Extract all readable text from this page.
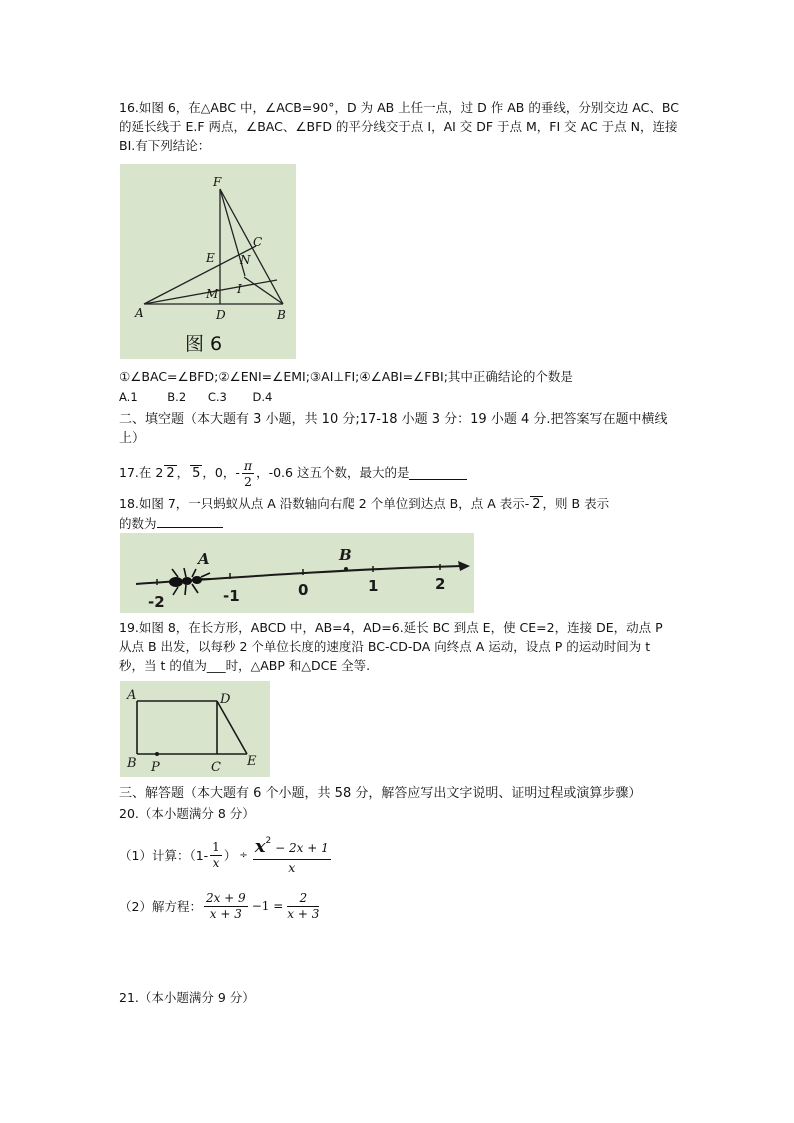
16.如图 6，在△ABC 中，∠ACB=90°，D 为 AB 上任一点，过 D 作 AB 的垂线，分别交边 AC、BC 的延长线于 E.F 两点，∠BAC、∠BFD 的平分线交于点 I，AI 交 DF 于点 M，FI 交 AC 于点 N，连接 BI.有下列结论：
F
C
E N
M I
A	D	B
图 6
①∠BAC=∠BFD;②∠ENI=∠EMI;③AI⊥FI;④∠ABI=∠FBI;其中正确结论的个数是
A.1	B.2 C.3 D.4
二、填空题（本大题有 3 小题，共 10 分;17-18 小题 3 分：19 小题 4 分.把答案写在题中横线上）
17.在 2 2 ， 5 ，0，- $\frac{\pi}{2}$ ，-0.6 这五个数，最大的是
18.如图 7，一只蚂蚁从点 A 沿数轴向右爬 2 个单位到达点 B，点 A 表示- 2 ，则 B 表示
的数为
-2	-1	0	1	2
A	B
19.如图 8，在长方形，ABCD 中，AB=4，AD=6.延长 BC 到点 E，使 CE=2，连接 DE，动点 P 从点 B 出发，以每秒 2 个单位长度的速度沿 BC-CD-DA 向终点 A 运动，设点 P 的运动时间为 t 秒，当 t 的值为___时，△ABP 和△DCE 全等.
A	D
B P	C E
三、解答题（本大题有 6 个小题，共 58 分，解答应写出文字说明、证明过程或演算步骤）
20.（本小题满分 8 分）
（1）计算：（$1- \frac{1}{x}$ ） ÷ $\frac{x^2 - 2x + 1}{x}$
（2）解方程： $\frac{2x + 9}{x + 3} -1 = \frac{2}{x + 3}$
21.（本小题满分 9 分）
